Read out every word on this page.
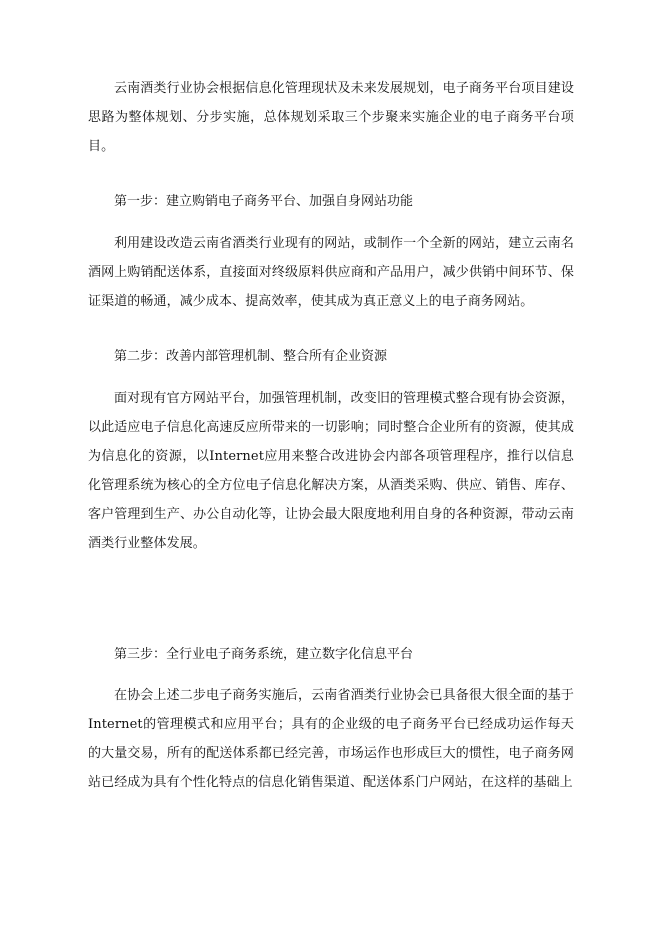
云南酒类行业协会根据信息化管理现状及未来发展规划，电子商务平台项目建设思路为整体规划、分步实施，总体规划采取三个步聚来实施企业的电子商务平台项目。

第一步：建立购销电子商务平台、加强自身网站功能

利用建设改造云南省酒类行业现有的网站，或制作一个全新的网站，建立云南名酒网上购销配送体系，直接面对终级原料供应商和产品用户，减少供销中间环节、保证渠道的畅通，减少成本、提高效率，使其成为真正意义上的电子商务网站。

第二步：改善内部管理机制、整合所有企业资源

面对现有官方网站平台，加强管理机制，改变旧的管理模式整合现有协会资源，以此适应电子信息化高速反应所带来的一切影响；同时整合企业所有的资源，使其成为信息化的资源，以Internet应用来整合改进协会内部各项管理程序，推行以信息化管理系统为核心的全方位电子信息化解决方案，从酒类采购、供应、销售、库存、客户管理到生产、办公自动化等，让协会最大限度地利用自身的各种资源，带动云南酒类行业整体发展。

第三步：全行业电子商务系统，建立数字化信息平台

在协会上述二步电子商务实施后，云南省酒类行业协会已具备很大很全面的基于Internet的管理模式和应用平台；具有的企业级的电子商务平台已经成功运作每天的大量交易，所有的配送体系都已经完善，市场运作也形成巨大的惯性，电子商务网站已经成为具有个性化特点的信息化销售渠道、配送体系门户网站，在这样的基础上
